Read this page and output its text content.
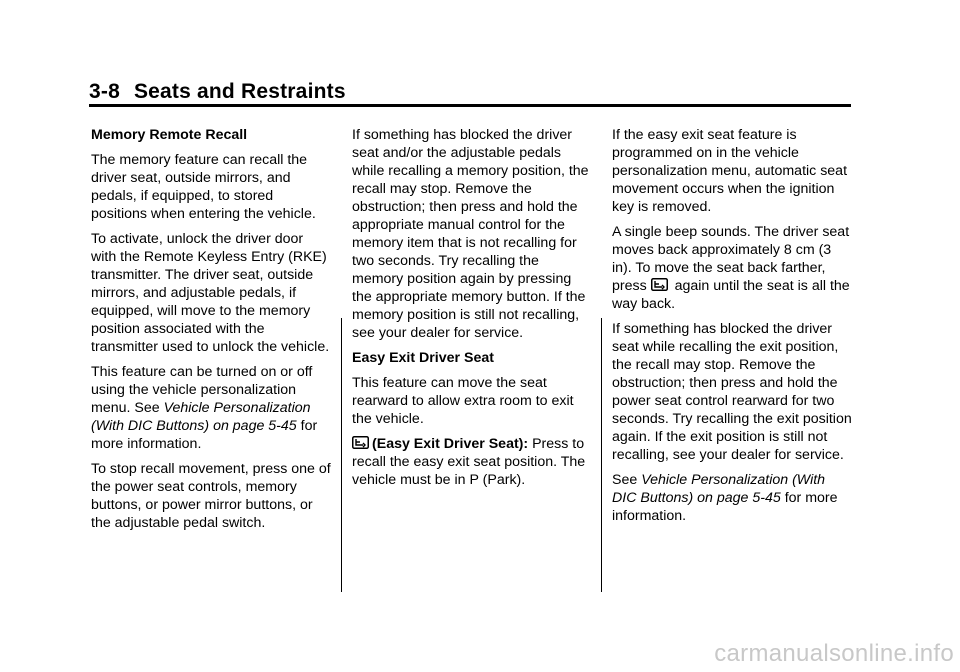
3-8 Seats and Restraints

Memory Remote Recall

The memory feature can recall the driver seat, outside mirrors, and pedals, if equipped, to stored positions when entering the vehicle.

To activate, unlock the driver door with the Remote Keyless Entry (RKE) transmitter. The driver seat, outside mirrors, and adjustable pedals, if equipped, will move to the memory position associated with the transmitter used to unlock the vehicle.

This feature can be turned on or off using the vehicle personalization menu. See Vehicle Personalization (With DIC Buttons) on page 5‑45 for more information.

To stop recall movement, press one of the power seat controls, memory buttons, or power mirror buttons, or the adjustable pedal switch.

If something has blocked the driver seat and/or the adjustable pedals while recalling a memory position, the recall may stop. Remove the obstruction; then press and hold the appropriate manual control for the memory item that is not recalling for two seconds. Try recalling the memory position again by pressing the appropriate memory button. If the memory position is still not recalling, see your dealer for service.

Easy Exit Driver Seat

This feature can move the seat rearward to allow extra room to exit the vehicle.

(Easy Exit Driver Seat): Press to recall the easy exit seat position. The vehicle must be in P (Park).

If the easy exit seat feature is programmed on in the vehicle personalization menu, automatic seat movement occurs when the ignition key is removed.

A single beep sounds. The driver seat moves back approximately 8 cm (3 in). To move the seat back farther, press
again until the seat is all the way back.

If something has blocked the driver seat while recalling the exit position, the recall may stop. Remove the obstruction; then press and hold the power seat control rearward for two seconds. Try recalling the exit position again. If the exit position is still not recalling, see your dealer for service.

See Vehicle Personalization (With DIC Buttons) on page 5‑45 for more information.

carmanualsonline.info
